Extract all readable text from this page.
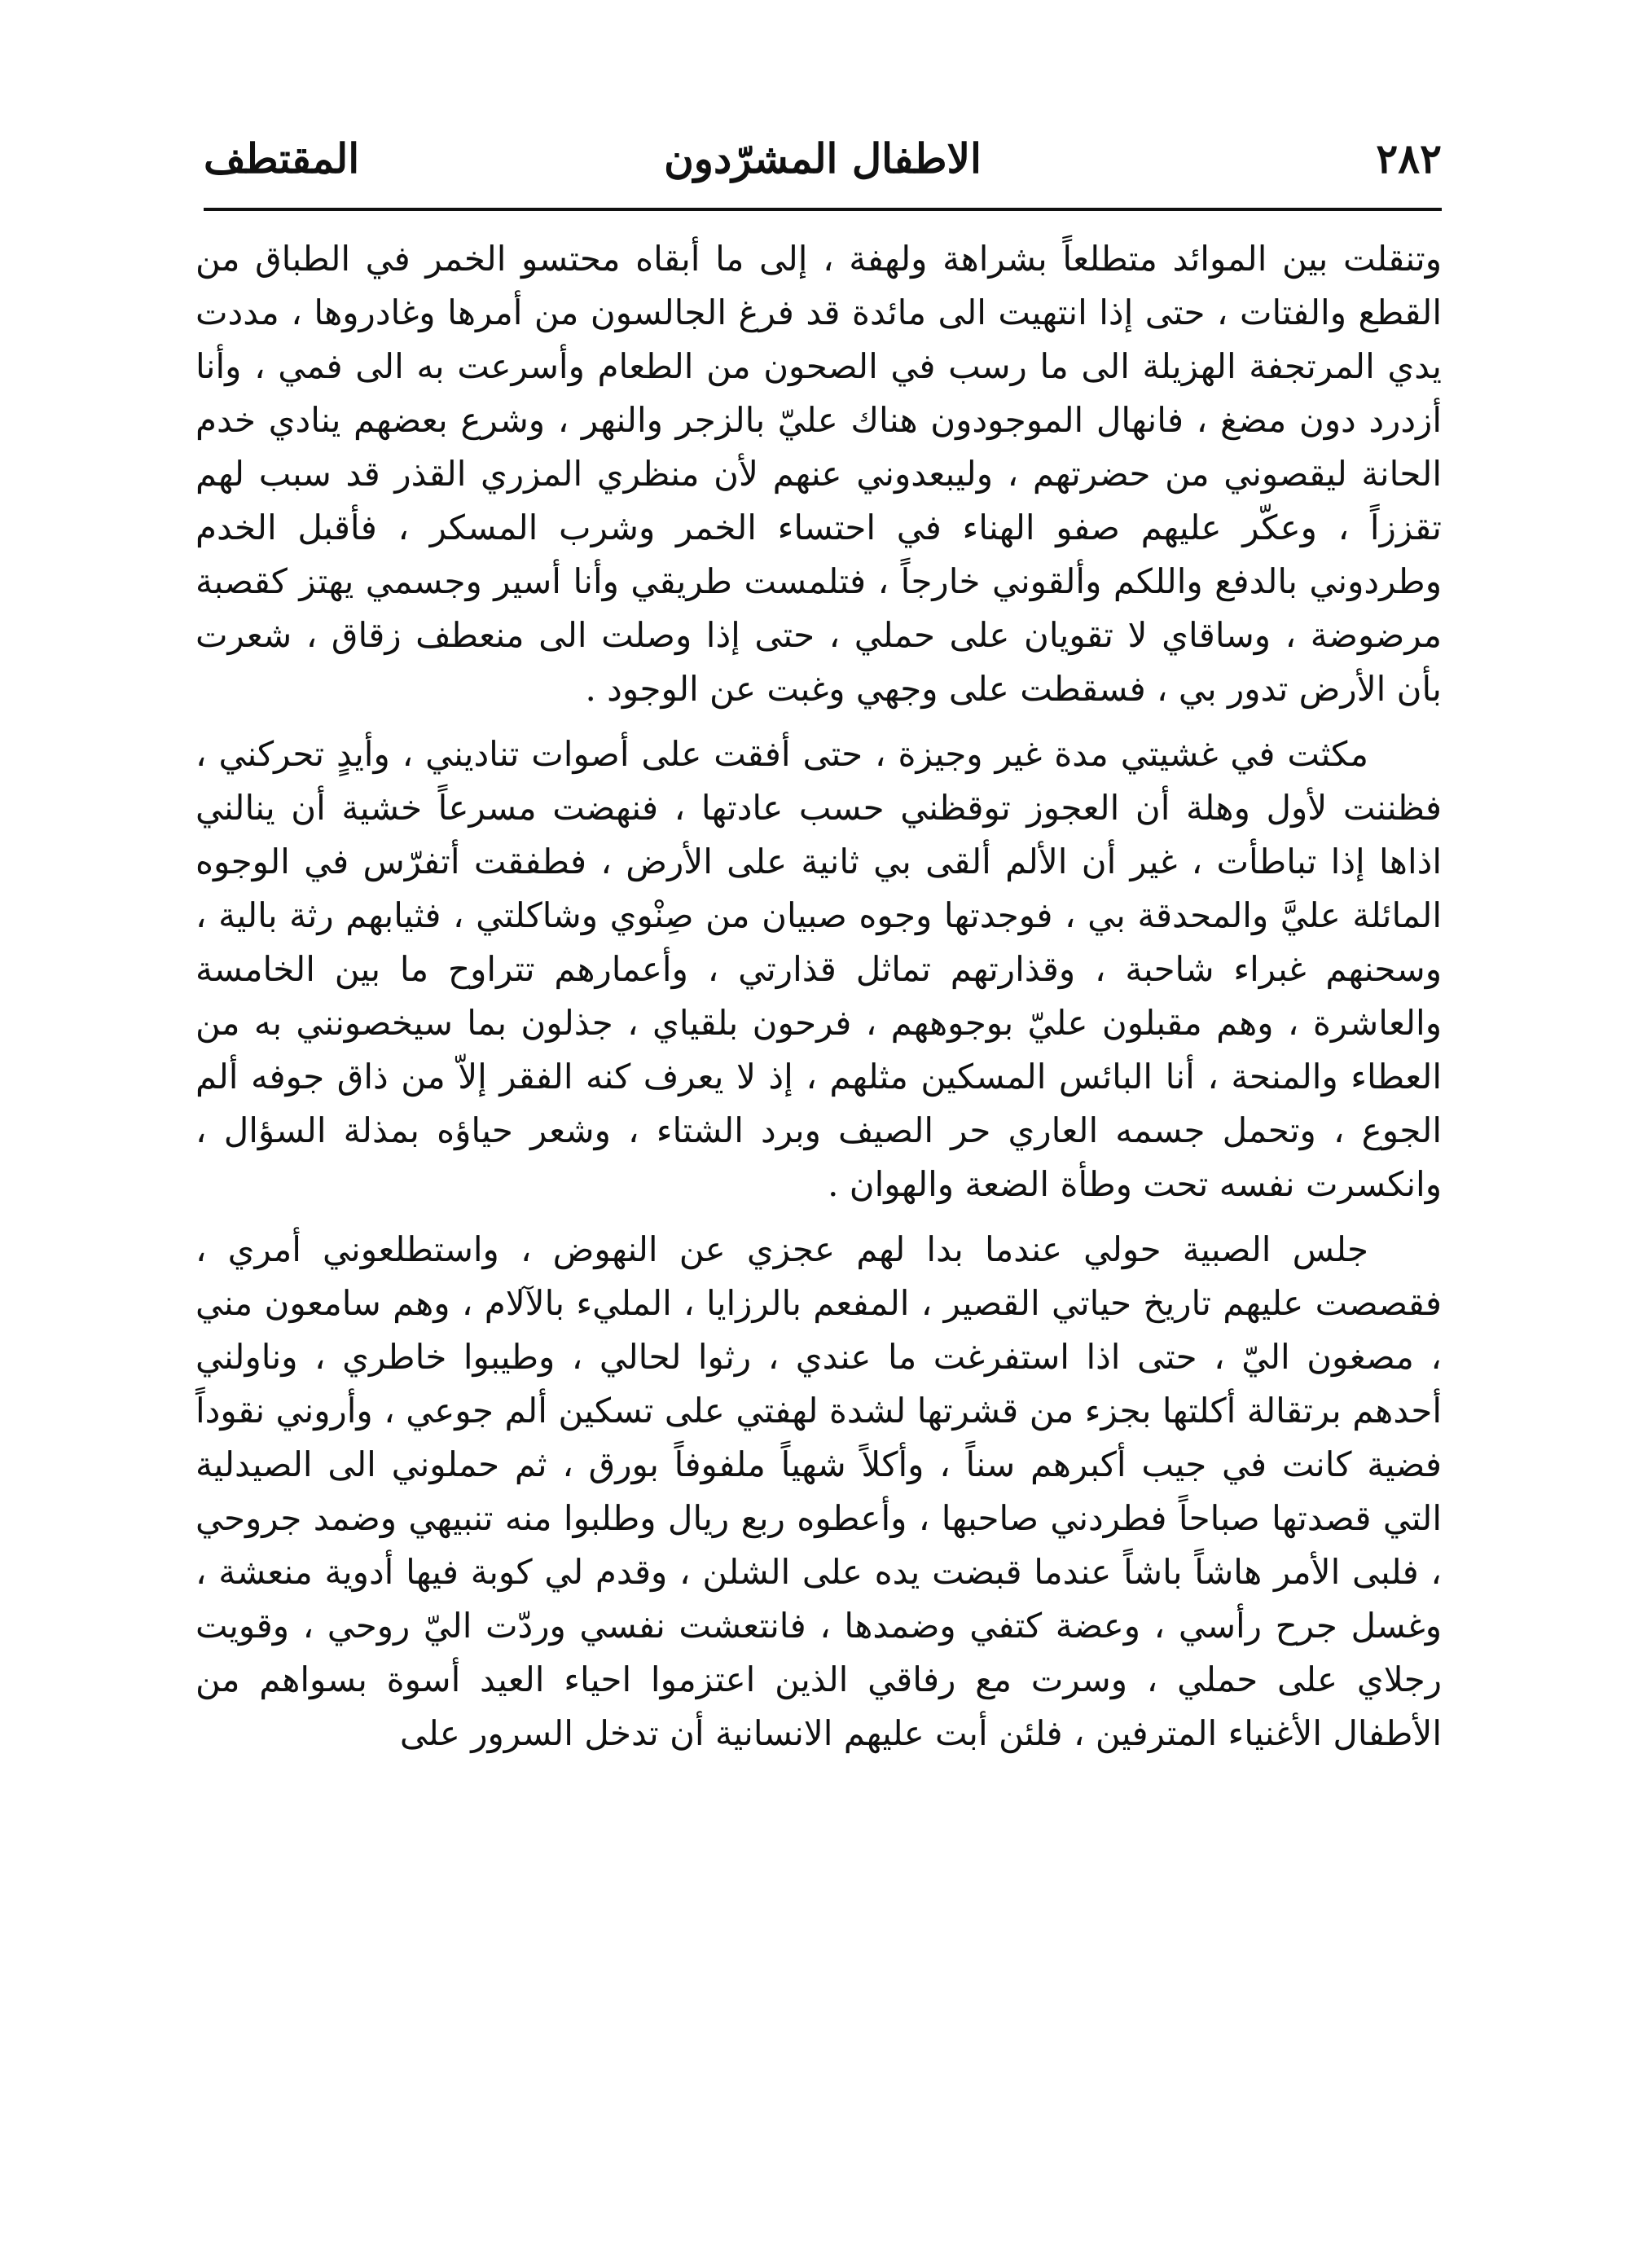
٢٨٢
الاطفال المشرّدون
المقتطف

وتنقلت بين الموائد متطلعاً بشراهة ولهفة ، إلى ما أبقاه محتسو الخمر في الطباق من القطع والفتات ، حتى إذا انتهيت الى مائدة قد فرغ الجالسون من أمرها وغادروها ، مددت يدي المرتجفة الهزيلة الى ما رسب في الصحون من الطعام وأسرعت به الى فمي ، وأنا أزدرد دون مضغ ، فانهال الموجودون هناك عليّ بالزجر والنهر ، وشرع بعضهم ينادي خدم الحانة ليقصوني من حضرتهم ، وليبعدوني عنهم لأن منظري المزري القذر قد سبب لهم تقززاً ، وعكّر عليهم صفو الهناء في احتساء الخمر وشرب المسكر ، فأقبل الخدم وطردوني بالدفع واللكم وألقوني خارجاً ، فتلمست طريقي وأنا أسير وجسمي يهتز كقصبة مرضوضة ، وساقاي لا تقويان على حملي ، حتى إذا وصلت الى منعطف زقاق ، شعرت بأن الأرض تدور بي ، فسقطت على وجهي وغبت عن الوجود .

مكثت في غشيتي مدة غير وجيزة ، حتى أفقت على أصوات تناديني ، وأيدٍ تحركني ، فظننت لأول وهلة أن العجوز توقظني حسب عادتها ، فنهضت مسرعاً خشية أن ينالني اذاها إذا تباطأت ، غير أن الألم ألقى بي ثانية على الأرض ، فطفقت أتفرّس في الوجوه المائلة عليَّ والمحدقة بي ، فوجدتها وجوه صبيان من صِنْوي وشاكلتي ، فثيابهم رثة بالية ، وسحنهم غبراء شاحبة ، وقذارتهم تماثل قذارتي ، وأعمارهم تتراوح ما بين الخامسة والعاشرة ، وهم مقبلون عليّ بوجوههم ، فرحون بلقياي ، جذلون بما سيخصونني به من العطاء والمنحة ، أنا البائس المسكين مثلهم ، إذ لا يعرف كنه الفقر إلاّ من ذاق جوفه ألم الجوع ، وتحمل جسمه العاري حر الصيف وبرد الشتاء ، وشعر حياؤه بمذلة السؤال ، وانكسرت نفسه تحت وطأة الضعة والهوان .

جلس الصبية حولي عندما بدا لهم عجزي عن النهوض ، واستطلعوني أمري ، فقصصت عليهم تاريخ حياتي القصير ، المفعم بالرزايا ، المليء بالآلام ، وهم سامعون مني ، مصغون اليّ ، حتى اذا استفرغت ما عندي ، رثوا لحالي ، وطيبوا خاطري ، وناولني أحدهم برتقالة أكلتها بجزء من قشرتها لشدة لهفتي على تسكين ألم جوعي ، وأروني نقوداً فضية كانت في جيب أكبرهم سناً ، وأكلاً شهياً ملفوفاً بورق ، ثم حملوني الى الصيدلية التي قصدتها صباحاً فطردني صاحبها ، وأعطوه ربع ريال وطلبوا منه تنبيهي وضمد جروحي ، فلبى الأمر هاشاً باشاً عندما قبضت يده على الشلن ، وقدم لي كوبة فيها أدوية منعشة ، وغسل جرح رأسي ، وعضة كتفي وضمدها ، فانتعشت نفسي وردّت اليّ روحي ، وقويت رجلاي على حملي ، وسرت مع رفاقي الذين اعتزموا احياء العيد أسوة بسواهم من الأطفال الأغنياء المترفين ، فلئن أبت عليهم الانسانية أن تدخل السرور على
